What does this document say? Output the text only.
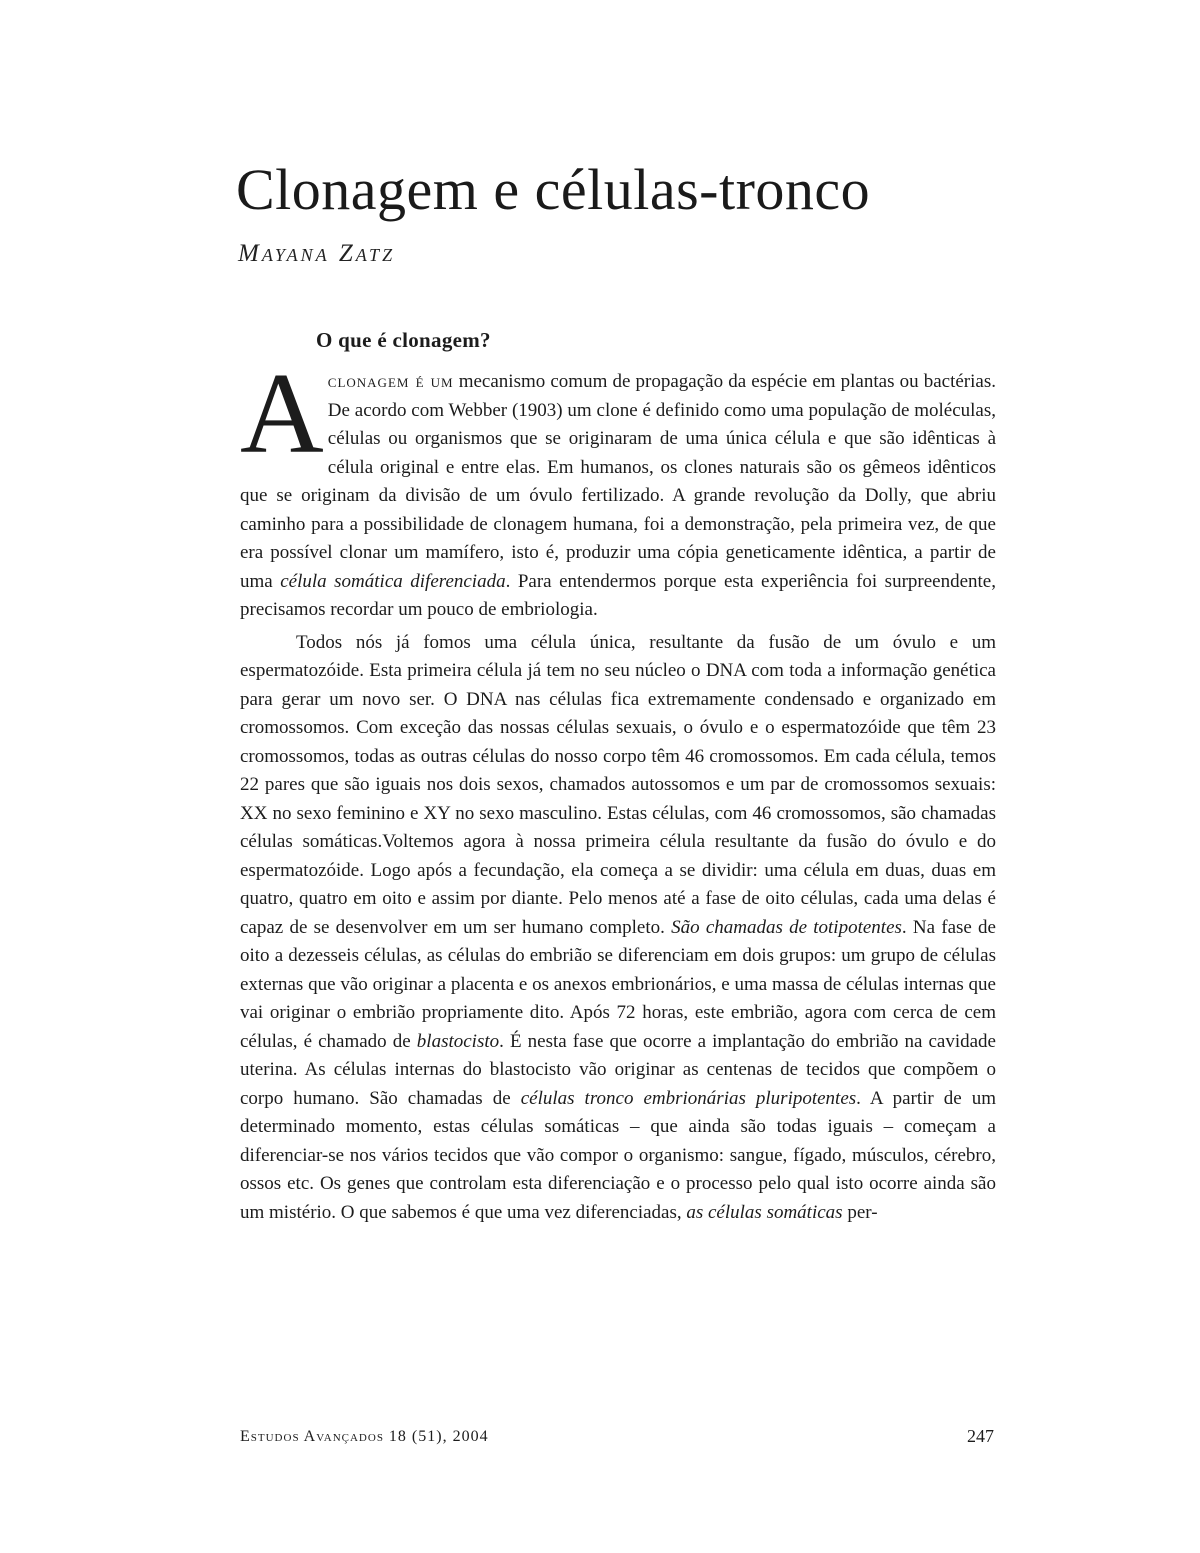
Clonagem e células-tronco
Mayana Zatz
O que é clonagem?

Aclonagem é um mecanismo comum de propagação da espécie em plantas ou bactérias. De acordo com Webber (1903) um clone é definido como uma população de moléculas, células ou organismos que se originaram de uma única célula e que são idênticas à célula original e entre elas. Em humanos, os clones naturais são os gêmeos idênticos que se originam da divisão de um óvulo fertilizado. A grande revolução da Dolly, que abriu caminho para a possibilidade de clonagem humana, foi a demonstração, pela primeira vez, de que era possível clonar um mamífero, isto é, produzir uma cópia geneticamente idêntica, a partir de uma célula somática diferenciada. Para entendermos porque esta experiência foi surpreendente, precisamos recordar um pouco de embriologia.

Todos nós já fomos uma célula única, resultante da fusão de um óvulo e um espermatozóide. Esta primeira célula já tem no seu núcleo o DNA com toda a informação genética para gerar um novo ser. O DNA nas células fica extremamente condensado e organizado em cromossomos. Com exceção das nossas células sexuais, o óvulo e o espermatozóide que têm 23 cromossomos, todas as outras células do nosso corpo têm 46 cromossomos. Em cada célula, temos 22 pares que são iguais nos dois sexos, chamados autossomos e um par de cromossomos sexuais: XX no sexo feminino e XY no sexo masculino. Estas células, com 46 cromossomos, são chamadas células somáticas.Voltemos agora à nossa primeira célula resultante da fusão do óvulo e do espermatozóide. Logo após a fecundação, ela começa a se dividir: uma célula em duas, duas em quatro, quatro em oito e assim por diante. Pelo menos até a fase de oito células, cada uma delas é capaz de se desenvolver em um ser humano completo. São chamadas de totipotentes. Na fase de oito a dezesseis células, as células do embrião se diferenciam em dois grupos: um grupo de células externas que vão originar a placenta e os anexos embrionários, e uma massa de células internas que vai originar o embrião propriamente dito. Após 72 horas, este embrião, agora com cerca de cem células, é chamado de blastocisto. É nesta fase que ocorre a implantação do embrião na cavidade uterina. As células internas do blastocisto vão originar as centenas de tecidos que compõem o corpo humano. São chamadas de células tronco embrionárias pluripotentes. A partir de um determinado momento, estas células somáticas – que ainda são todas iguais – começam a diferenciar-se nos vários tecidos que vão compor o organismo: sangue, fígado, músculos, cérebro, ossos etc. Os genes que controlam esta diferenciação e o processo pelo qual isto ocorre ainda são um mistério. O que sabemos é que uma vez diferenciadas, as células somáticas per-

Estudos Avançados 18 (51), 2004	247
